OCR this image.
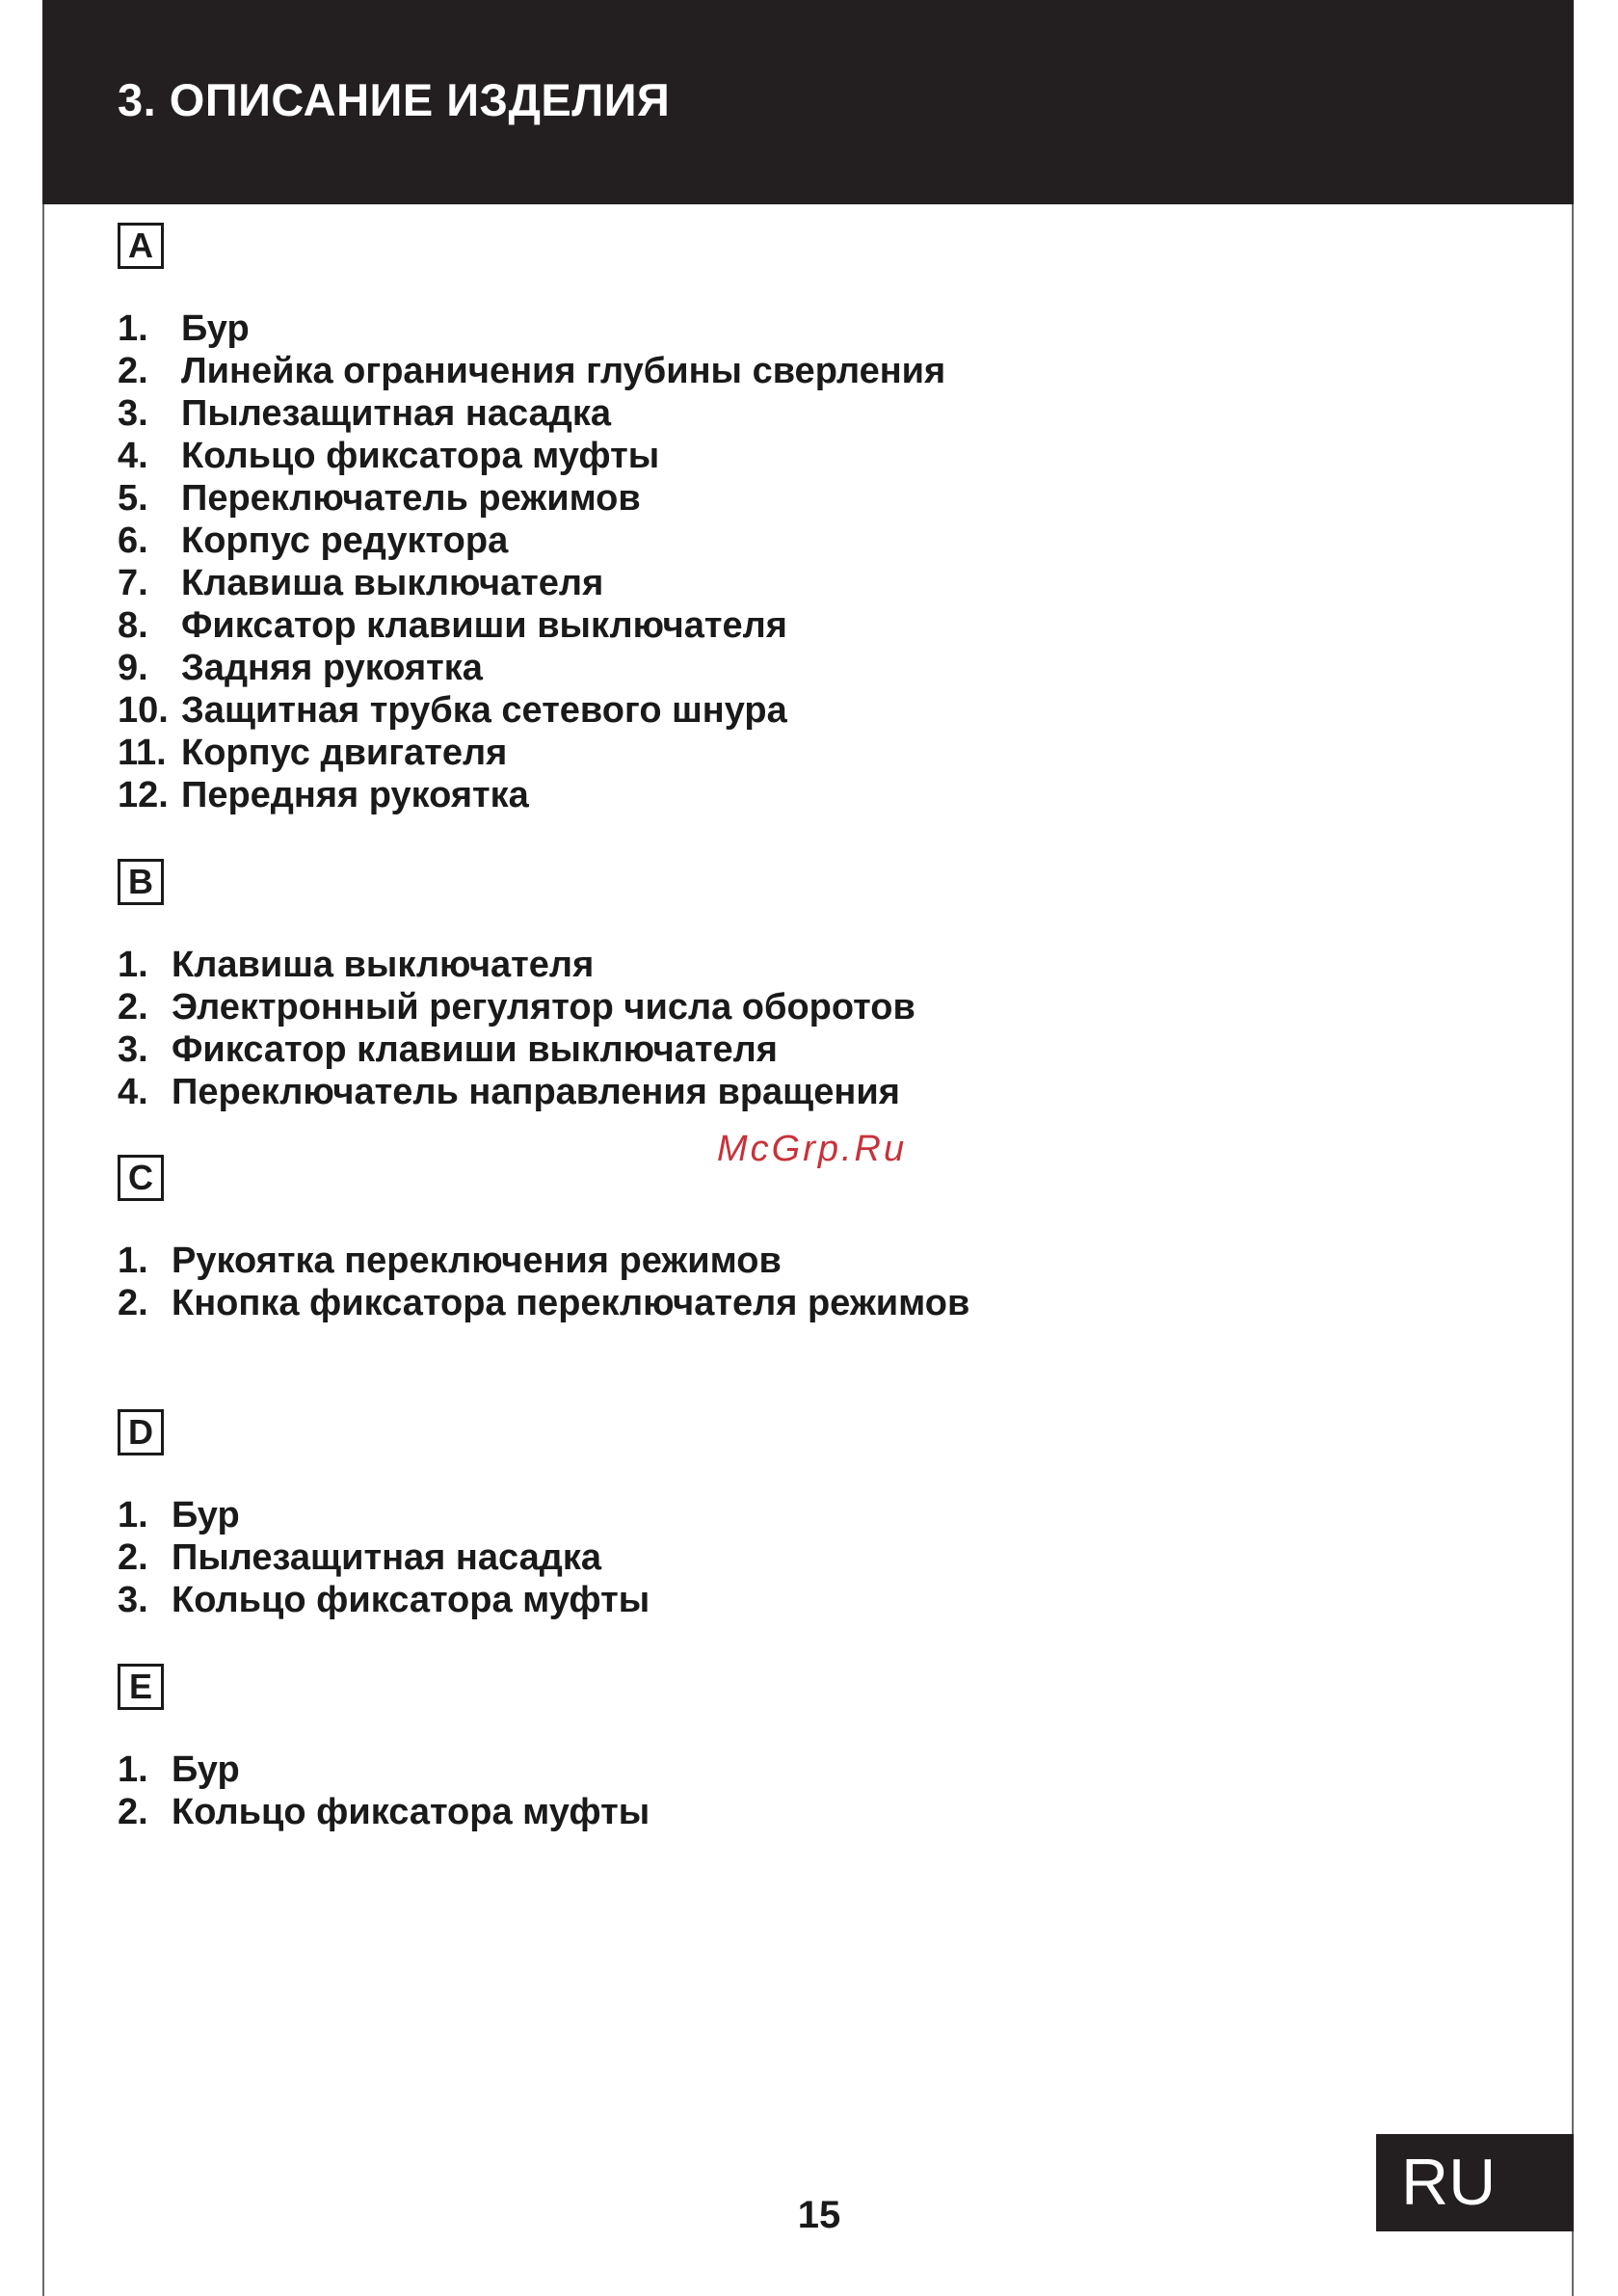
3. ОПИСАНИЕ ИЗДЕЛИЯ
A
1. Бур
2. Линейка ограничения глубины сверления
3. Пылезащитная насадка
4. Кольцо фиксатора муфты
5. Переключатель режимов
6. Корпус редуктора
7. Клавиша выключателя
8. Фиксатор клавиши выключателя
9. Задняя рукоятка
10. Защитная трубка сетевого шнура
11. Корпус двигателя
12. Передняя рукоятка
B
1. Клавиша выключателя
2. Электронный регулятор числа оборотов
3. Фиксатор клавиши выключателя
4. Переключатель направления вращения

McGrp.Ru

C
1. Рукоятка переключения режимов
2. Кнопка фиксатора переключателя режимов
D
1. Бур
2. Пылезащитная насадка
3. Кольцо фиксатора муфты
E
1. Бур
2. Кольцо фиксатора муфты
15	RU
